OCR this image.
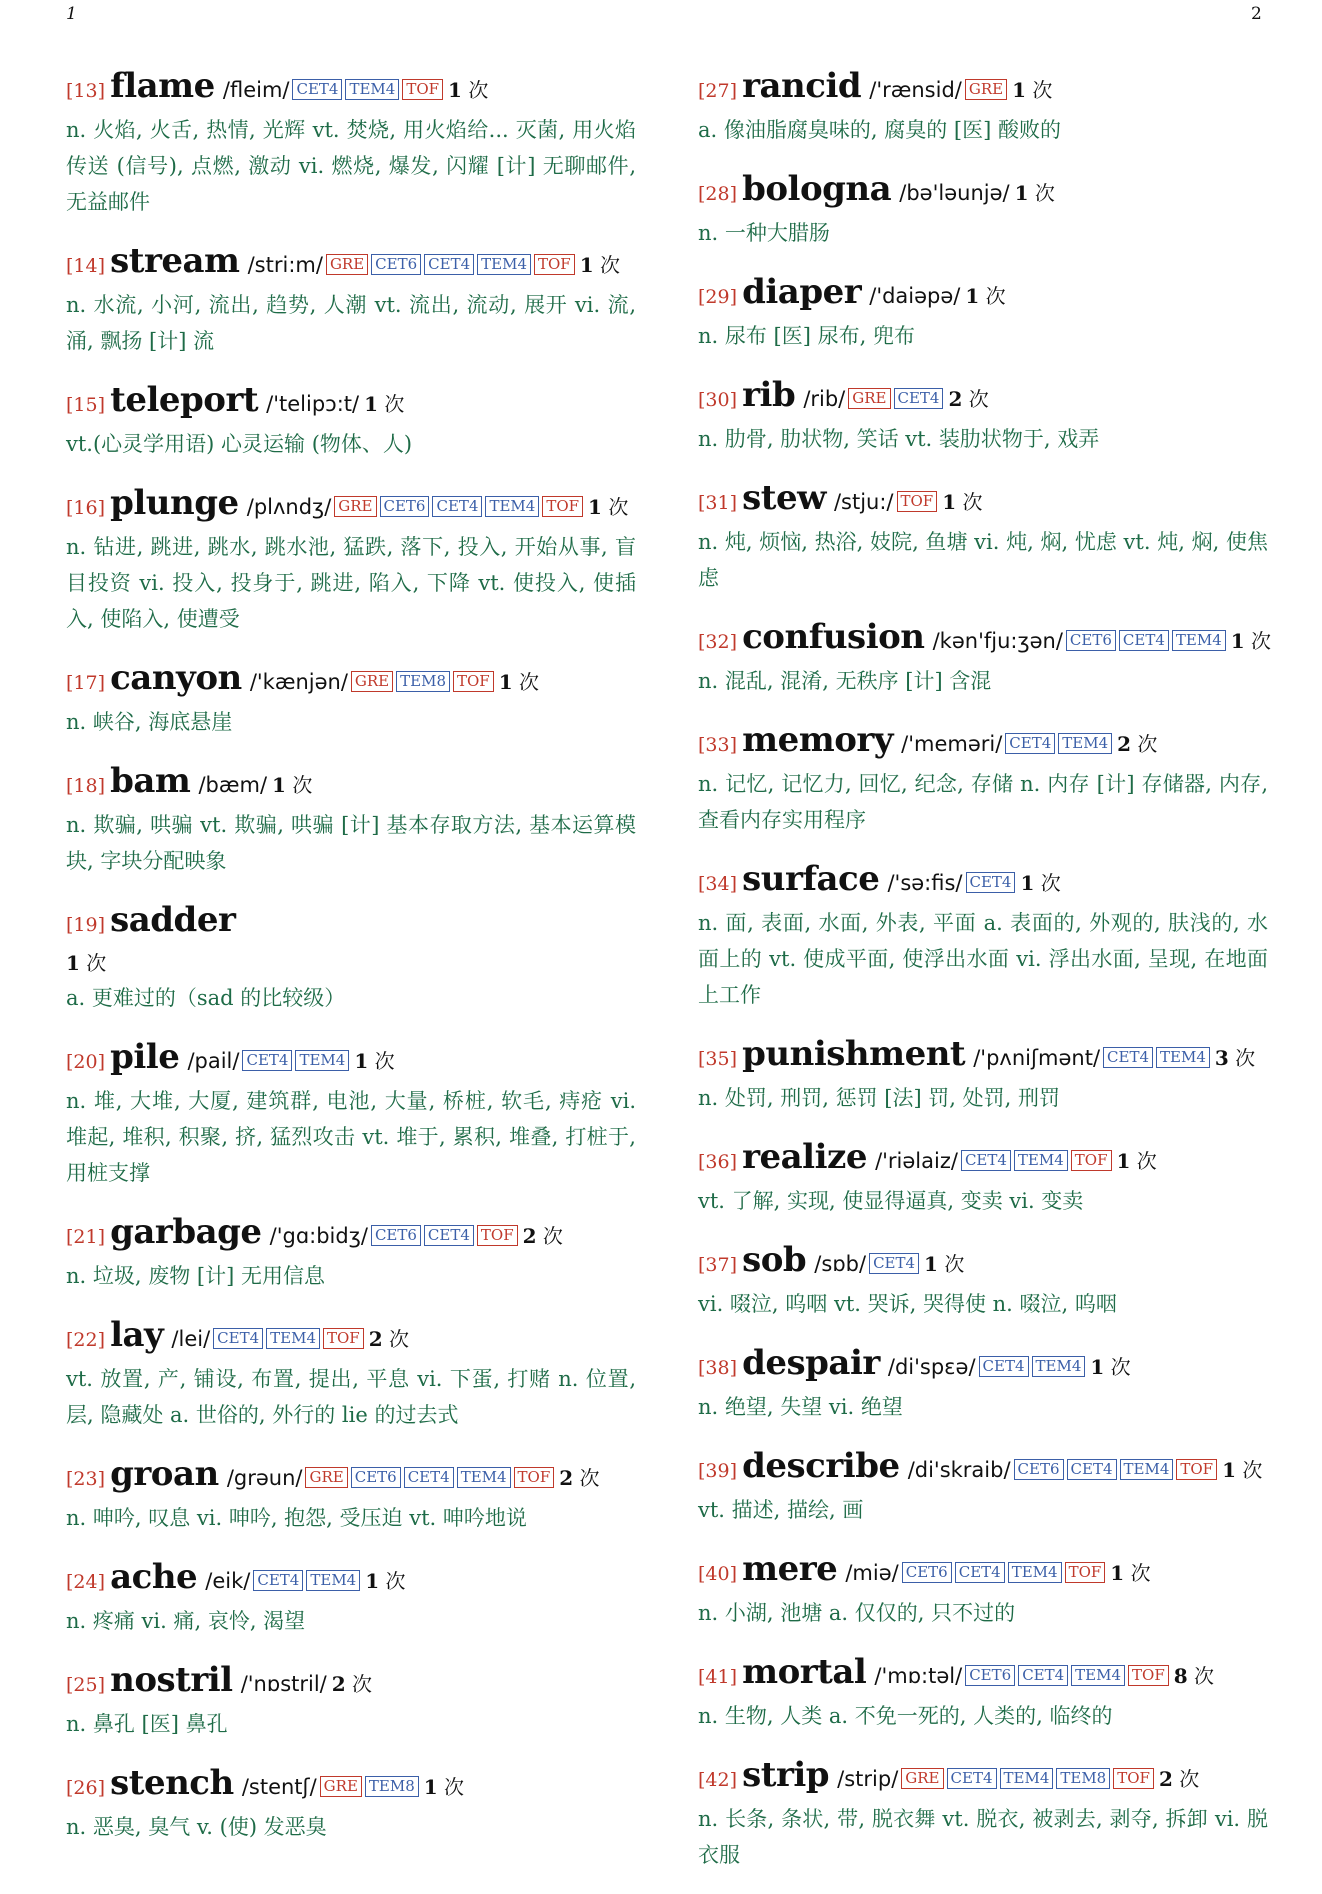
1	2
[13] flame /fleim/ CET4 TEM4 TOF 1 次
n. 火焰, 火舌, 热情, 光辉 vt. 焚烧, 用火焰给... 灭菌, 用火焰传送 (信号), 点燃, 激动 vi. 燃烧, 爆发, 闪耀 [计] 无聊邮件, 无益邮件
[14] stream /stri:m/ GRE CET6 CET4 TEM4 TOF 1 次
n. 水流, 小河, 流出, 趋势, 人潮 vt. 流出, 流动, 展开 vi. 流, 涌, 飘扬 [计] 流
[15] teleport /'telipɔ:t/ 1 次
vt.(心灵学用语) 心灵运输 (物体、人)
[16] plunge /plʌndʒ/ GRE CET6 CET4 TEM4 TOF 1 次
n. 钻进, 跳进, 跳水, 跳水池, 猛跌, 落下, 投入, 开始从事, 盲目投资 vi. 投入, 投身于, 跳进, 陷入, 下降 vt. 使投入, 使插入, 使陷入, 使遭受
[17] canyon /'kænjən/ GRE TEM8 TOF 1 次
n. 峡谷, 海底悬崖
[18] bam /bæm/ 1 次
n. 欺骗, 哄骗 vt. 欺骗, 哄骗 [计] 基本存取方法, 基本运算模块, 字块分配映象
[19] sadder
1 次
a. 更难过的（sad 的比较级）
[20] pile /pail/ CET4 TEM4 1 次
n. 堆, 大堆, 大厦, 建筑群, 电池, 大量, 桥桩, 软毛, 痔疮 vi. 堆起, 堆积, 积聚, 挤, 猛烈攻击 vt. 堆于, 累积, 堆叠, 打桩于, 用桩支撑
[21] garbage /'gɑ:bidʒ/ CET6 CET4 TOF 2 次
n. 垃圾, 废物 [计] 无用信息
[22] lay /lei/ CET4 TEM4 TOF 2 次
vt. 放置, 产, 铺设, 布置, 提出, 平息 vi. 下蛋, 打赌 n. 位置, 层, 隐藏处 a. 世俗的, 外行的 lie 的过去式
[23] groan /grəun/ GRE CET6 CET4 TEM4 TOF 2 次
n. 呻吟, 叹息 vi. 呻吟, 抱怨, 受压迫 vt. 呻吟地说
[24] ache /eik/ CET4 TEM4 1 次
n. 疼痛 vi. 痛, 哀怜, 渴望
[25] nostril /'nɒstril/ 2 次
n. 鼻孔 [医] 鼻孔
[26] stench /stentʃ/ GRE TEM8 1 次
n. 恶臭, 臭气 v. (使) 发恶臭
[27] rancid /'rænsid/ GRE 1 次
a. 像油脂腐臭味的, 腐臭的 [医] 酸败的
[28] bologna /bə'ləunjə/ 1 次
n. 一种大腊肠
[29] diaper /'daiəpə/ 1 次
n. 尿布 [医] 尿布, 兜布
[30] rib /rib/ GRE CET4 2 次
n. 肋骨, 肋状物, 笑话 vt. 装肋状物于, 戏弄
[31] stew /stju:/ TOF 1 次
n. 炖, 烦恼, 热浴, 妓院, 鱼塘 vi. 炖, 焖, 忧虑 vt. 炖, 焖, 使焦虑
[32] confusion /kən'fju:ʒən/ CET6 CET4 TEM4 1 次
n. 混乱, 混淆, 无秩序 [计] 含混
[33] memory /'meməri/ CET4 TEM4 2 次
n. 记忆, 记忆力, 回忆, 纪念, 存储 n. 内存 [计] 存储器, 内存, 查看内存实用程序
[34] surface /'sə:fis/ CET4 1 次
n. 面, 表面, 水面, 外表, 平面 a. 表面的, 外观的, 肤浅的, 水面上的 vt. 使成平面, 使浮出水面 vi. 浮出水面, 呈现, 在地面上工作
[35] punishment /'pʌniʃmənt/ CET4 TEM4 3 次
n. 处罚, 刑罚, 惩罚 [法] 罚, 处罚, 刑罚
[36] realize /'riəlaiz/ CET4 TEM4 TOF 1 次
vt. 了解, 实现, 使显得逼真, 变卖 vi. 变卖
[37] sob /sɒb/ CET4 1 次
vi. 啜泣, 呜咽 vt. 哭诉, 哭得使 n. 啜泣, 呜咽
[38] despair /di'spɛə/ CET4 TEM4 1 次
n. 绝望, 失望 vi. 绝望
[39] describe /di'skraib/ CET6 CET4 TEM4 TOF 1 次
vt. 描述, 描绘, 画
[40] mere /miə/ CET6 CET4 TEM4 TOF 1 次
n. 小湖, 池塘 a. 仅仅的, 只不过的
[41] mortal /'mɒ:təl/ CET6 CET4 TEM4 TOF 8 次
n. 生物, 人类 a. 不免一死的, 人类的, 临终的
[42] strip /strip/ GRE CET4 TEM4 TEM8 TOF 2 次
n. 长条, 条状, 带, 脱衣舞 vt. 脱衣, 被剥去, 剥夺, 拆卸 vi. 脱衣服
